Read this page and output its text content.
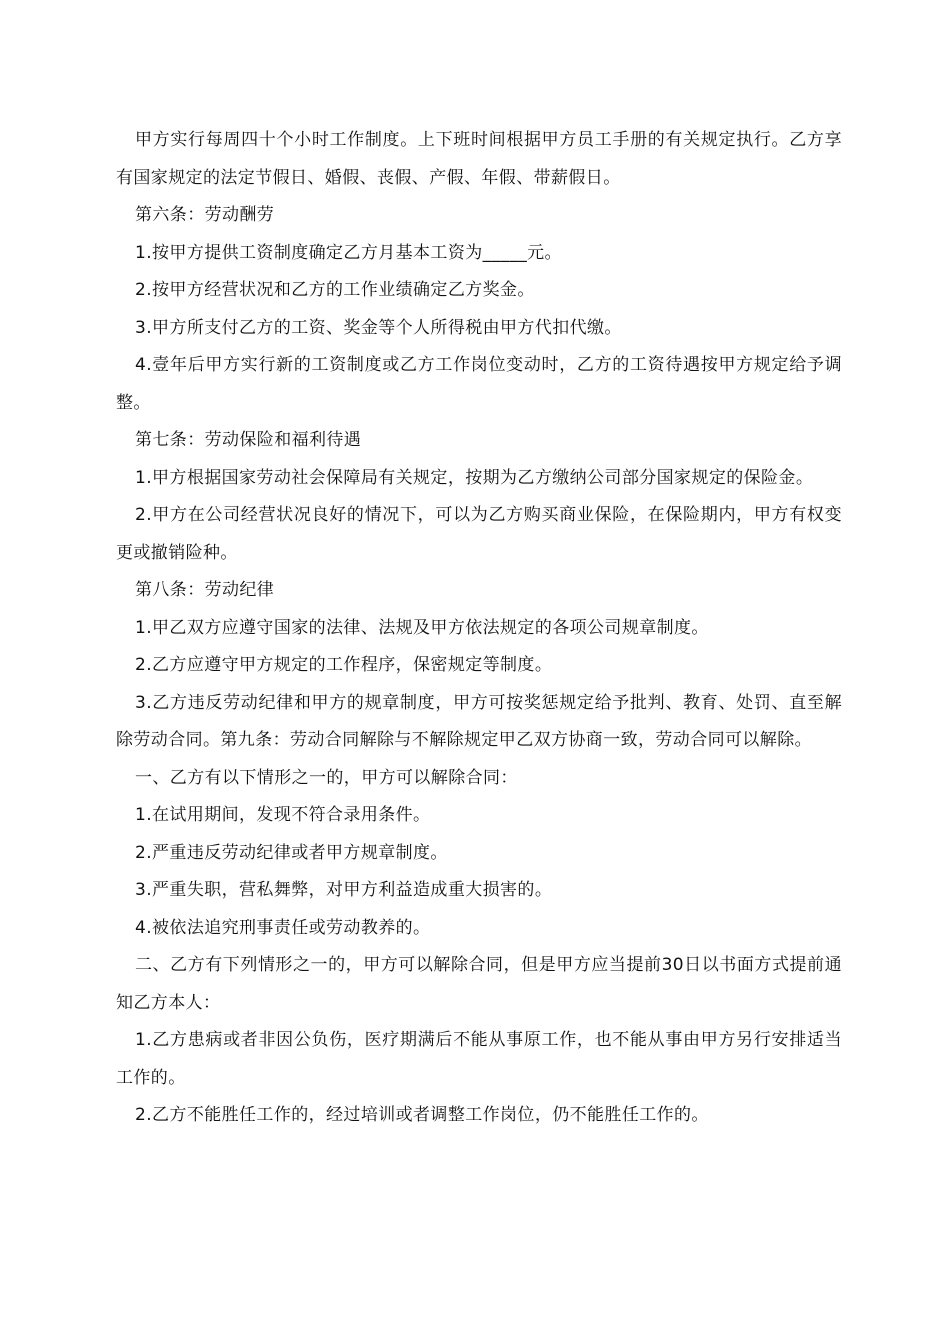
甲方实行每周四十个小时工作制度。上下班时间根据甲方员工手册的有关规定执行。乙方享有国家规定的法定节假日、婚假、丧假、产假、年假、带薪假日。

第六条：劳动酬劳

1.按甲方提供工资制度确定乙方月基本工资为_____元。

2.按甲方经营状况和乙方的工作业绩确定乙方奖金。

3.甲方所支付乙方的工资、奖金等个人所得税由甲方代扣代缴。

4.壹年后甲方实行新的工资制度或乙方工作岗位变动时，乙方的工资待遇按甲方规定给予调整。

第七条：劳动保险和福利待遇

1.甲方根据国家劳动社会保障局有关规定，按期为乙方缴纳公司部分国家规定的保险金。

2.甲方在公司经营状况良好的情况下，可以为乙方购买商业保险，在保险期内，甲方有权变更或撤销险种。

第八条：劳动纪律

1.甲乙双方应遵守国家的法律、法规及甲方依法规定的各项公司规章制度。

2.乙方应遵守甲方规定的工作程序，保密规定等制度。

3.乙方违反劳动纪律和甲方的规章制度，甲方可按奖惩规定给予批判、教育、处罚、直至解除劳动合同。第九条：劳动合同解除与不解除规定甲乙双方协商一致，劳动合同可以解除。

一、乙方有以下情形之一的，甲方可以解除合同：

1.在试用期间，发现不符合录用条件。

2.严重违反劳动纪律或者甲方规章制度。

3.严重失职，营私舞弊，对甲方利益造成重大损害的。

4.被依法追究刑事责任或劳动教养的。

二、乙方有下列情形之一的，甲方可以解除合同，但是甲方应当提前30日以书面方式提前通知乙方本人：

1.乙方患病或者非因公负伤，医疗期满后不能从事原工作，也不能从事由甲方另行安排适当工作的。

2.乙方不能胜任工作的，经过培训或者调整工作岗位，仍不能胜任工作的。
